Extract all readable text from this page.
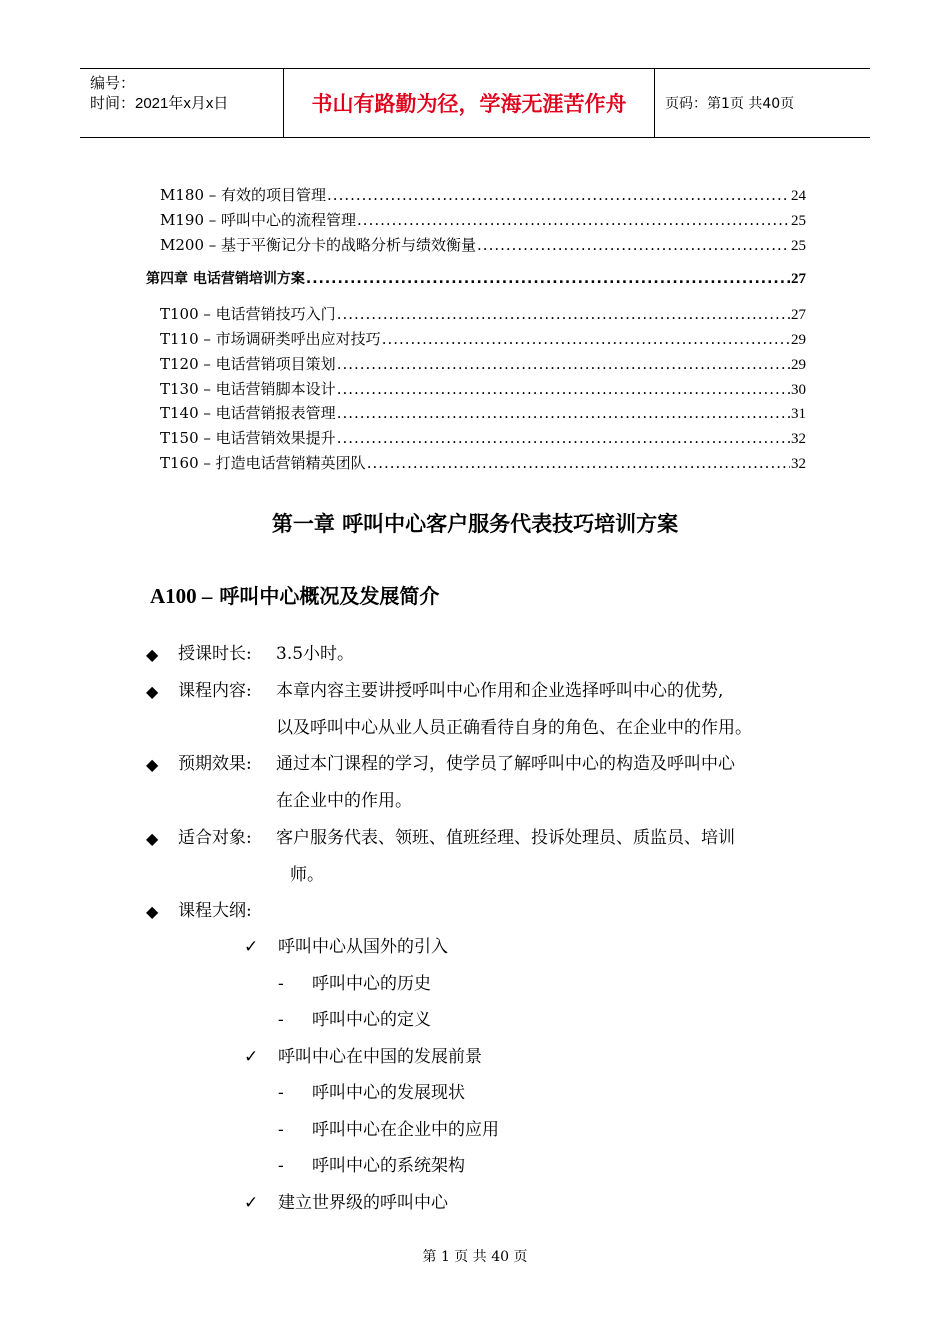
编号：
时间：2021年x月x日	书山有路勤为径，学海无涯苦作舟	页码：第1页 共40页
M180 – 有效的项目管理 .....	24
M190 – 呼叫中心的流程管理 .....	25
M200 – 基于平衡记分卡的战略分析与绩效衡量 .....	25
第四章 电话营销培训方案 .....	27
T100 – 电话营销技巧入门 .....	27
T110 – 市场调研类呼出应对技巧 .....	29
T120 – 电话营销项目策划 .....	29
T130 – 电话营销脚本设计 .....	30
T140 – 电话营销报表管理 .....	31
T150 – 电话营销效果提升 .....	32
T160 – 打造电话营销精英团队 .....	32
第一章 呼叫中心客户服务代表技巧培训方案
A100 – 呼叫中心概况及发展简介
◆ 授课时长: 3.5小时。
◆ 课程内容: 本章内容主要讲授呼叫中心作用和企业选择呼叫中心的优势,
以及呼叫中心从业人员正确看待自身的角色、在企业中的作用。
◆ 预期效果: 通过本门课程的学习，使学员了解呼叫中心的构造及呼叫中心
在企业中的作用。
◆ 适合对象: 客户服务代表、领班、值班经理、投诉处理员、质监员、培训
师。
◆ 课程大纲:
✓ 呼叫中心从国外的引入
- 呼叫中心的历史
- 呼叫中心的定义
✓ 呼叫中心在中国的发展前景
- 呼叫中心的发展现状
- 呼叫中心在企业中的应用
- 呼叫中心的系统架构
✓ 建立世界级的呼叫中心
第 1 页 共 40 页
